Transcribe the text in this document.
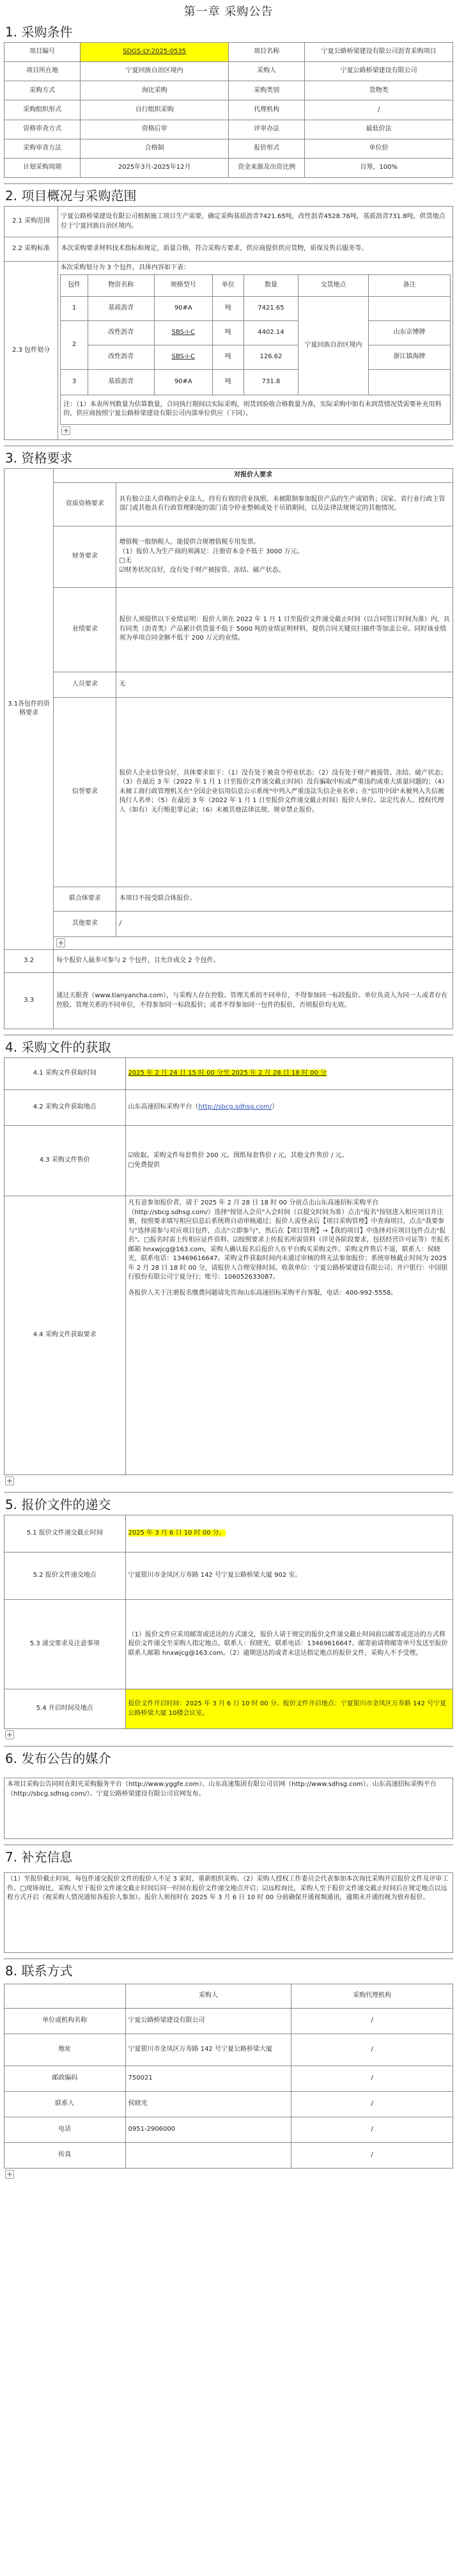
第一章 采购公告
1. 采购条件
项目编号	SDGS-LY-2025-0535	项目名称	宁夏公路桥梁建设有限公司沥青采购项目
项目所在地	宁夏回族自治区境内	采购人	宁夏公路桥梁建设有限公司
采购方式	询比采购	采购类别	货物类
采购组织形式	自行组织采购	代理机构	/
资格审查方式	资格后审	评审办法	最低价法
采购审查方法	合格制	报价形式	单位价
计划采购周期	2025年3月-2025年12月	资金来源及出资比例	自筹，100%
2. 项目概况与采购范围
2.1 采购范围	宁夏公路桥梁建设有限公司根据施工项目生产需要，确定采购基质沥青7421.65吨，改性沥青4528.76吨，基质沥青731.8吨，供货地点位于宁夏回族自治区境内。
2.2 采购标准	本次采购要求材料技术指标和规定，质量合格，符合采购方要求，供应商提供供应货物，质保及售后服务等。
2.3 包件划分	
本次采购划分为 3 个包件，具体内容如下表：
包件	物资名称	规格型号	单位	数量	交货地点	备注
1	基质沥青	90#A	吨	7421.65	宁夏回族自治区境内	
2	改性沥青	SBS-I-C	吨	4402.14	山东京博牌
改性沥青	SBS-I-C	吨	126.62	浙江镇海牌
3	基质沥青	90#A	吨	731.8	
注：（1）本表所列数量为估算数量，合同执行期间以实际采购，则货到验收合格数量为准，实际采购中如有未到货情况货需要补充用料的，供应商按照宁夏公路桥梁建设有限公司内部单位供应（下同）。
+
3. 资格要求
3.1各包件的资格要求	对报价人要求	
	资质资格要求	具有独立法人资格的企业法人，持有有效的营业执照。未被限制参加报价产品的生产或销售；国家、省行业行政主管部门或其他具有行政管理职能的部门责令停业整顿或处于吊销期间，以及法律法规规定的其他情况。
	财务要求	增值税一般纳税人，能提供合规增值税专用发票。
（1）报价人为生产商的须满足：注册资本金不低于 3000 万元。
□无
☑财务状况良好，没有处于财产被接管、冻结、破产状态。

	业绩要求	报价人须提供以下业绩证明：报价人须在 2022 年 1 月 1 日至报价文件递交截止时间（以合同签订时间为准）内，具有同类（沥青类）产品累计供货量不低于 5000 吨的业绩证明材料，提供合同关键页扫描件等加盖公章。同时该业绩须为单项合同金额不低于 200 万元的业绩。
	人员要求	无
	信誉要求	报价人企业信誉良好，具体要求如下：（1）没有处于被责令停业状态；（2）没有处于财产被接管、冻结、破产状态；（3）在最近 3 年（2022 年 1 月 1 日至报价文件递交截止时间）没有骗取中标或严重违约或重大质量问题的；（4）未被工商行政管理机关在"全国企业信用信息公示系统"中列入严重违法失信企业名单；在"信用中国"未被列入失信被执行人名单；（5）在最近 3 年（2022 年 1 月 1 日至报价文件递交截止时间）报价人单位、法定代表人、授权代理人（如有）无行贿犯罪记录；（6）未被其他法律法规、规章禁止报价。
	联合体要求	本项目不接受联合体报价。
	其他要求	/
	+	
3.2	每个报价人最多可参与 2 个包件，且允许成交 2 个包件。	
3.3	通过天眼查（www.tianyancha.com），与采购人存在控股、管理关系的不同单位，不得参加同一标段报价。单位负责人为同一人或者存在控股、管理关系的不同单位，不得参加同一标段报价；或者不得参加同一包件的报价，否则报价均无效。	
4. 采购文件的获取
4.1 采购文件获取时间	2025 年 2 月 24 日 15 时 00 分至 2025 年 2 月 28 日 18 时 00 分
4.2 采购文件获取地点	山东高速招标采购平台（http://sbcg.sdhsg.com/）
4.3 采购文件售价	☑收取。采购文件每套售价 200 元。图纸每套售价 / 元，其他文件售价 / 元。
□免费提供

4.4 采购文件获取要求	凡有意参加报价者，请于 2025 年 2 月 28 日 18 时 00 分前点击山东高速招标采购平台（http://sbcg.sdhsg.com/）选择"按钮入会员"入会时间（以提交时间为准）点击"报名"按钮进入相应项目并注册，按照要求填写相应信息后系统将自动审核通过；报价人需登录后【项目采购管理】中查询项目，点击"我要参与"选择需参与对应项目包件，点击"立即参与"，然后在【项目管理】→【我的项目】中选择对应项目包件点击"报名"。□报名时需上传相应证件资料。☑按照要求上传报名所需资料（详见各阶段要求，包括经营许可证等）至报名邮箱 hnxwjcg@163.com，采购人确认报名后报价人在平台购买采购文件。采购文件售后不退，联系人：侯晓光，联系电话：13469616647。采购文件获取时间内未通过审核的将无法参加报价；系统审核截止时间为 2025 年 2 月 28 日 18 时 00 分，请报价人合理安排时间。收款单位：宁夏公路桥梁建设有限公司；开户银行：中国银行股份有限公司宁夏分行；账号：106052633087。
各报价人关于注册报名缴费问题请先咨询山东高速招标采购平台客服，电话：400-992-5558。
+
5. 报价文件的递交
5.1 报价文件递交截止时间	2025 年 3 月 6 日 10 时 00 分。
5.2 报价文件递交地点	宁夏银川市金凤区万寿路 142 号宁夏公路桥梁大厦 902 室。
5.3 递交要求及注意事项	（1）报价文件应采用邮寄或送达的方式递交，报价人请于规定的报价文件递交截止时间前以邮寄或送达的方式将报价文件递交至采购人指定地点。联系人：侯晓光，联系电话：13469616647。邮寄前请将邮寄单号发送至报价联系人邮箱 hnxwjcg@163.com。（2）逾期送达的或者未送达指定地点的报价文件，采购人不予受理。
5.4 开启时间及地点	报价文件开启时间：2025 年 3 月 6 日 10 时 00 分。报价文件开启地点：宁夏银川市金凤区万寿路 142 号宁夏公路桥梁大厦 10楼会议室。
+
6. 发布公告的媒介
本项目采购公告同时在阳光采购服务平台（http://www.yggfe.com）、山东高速集团有限公司官网（http://www.sdhsg.com）、山东高速招标采购平台（http://sbcg.sdhsg.com/）、宁夏公路桥梁建设有限公司官网发布。
7. 补充信息
（1）至报价截止时间，每包件递交报价文件的报价人不足 3 家时，重新组织采购。（2）采购人授权工作委员会代表参加本次询比采购开启报价文件及评审工作。□现场询比，采购人至于报价文件递交截止时间后同一时间在报价文件递交地点开启；☑远程询比，采购人至于报价文件递交截止时间后在规定地点以远程方式开启（视采购人情况通知各报价人参加）。报价人须按时在 2025 年 3 月 6 日 10 时 00 分前确保开通视频通讯，逾期未开通的视为放弃报价。
8. 联系方式
	采购人	采购代理机构
单位或机构名称	宁夏公路桥梁建设有限公司	/
地址	宁夏银川市金凤区万寿路 142 号宁夏公路桥梁大厦	/
邮政编码	750021	/
联系人	侯晓光	/
电话	0951-2906000	/
传真		/
+
